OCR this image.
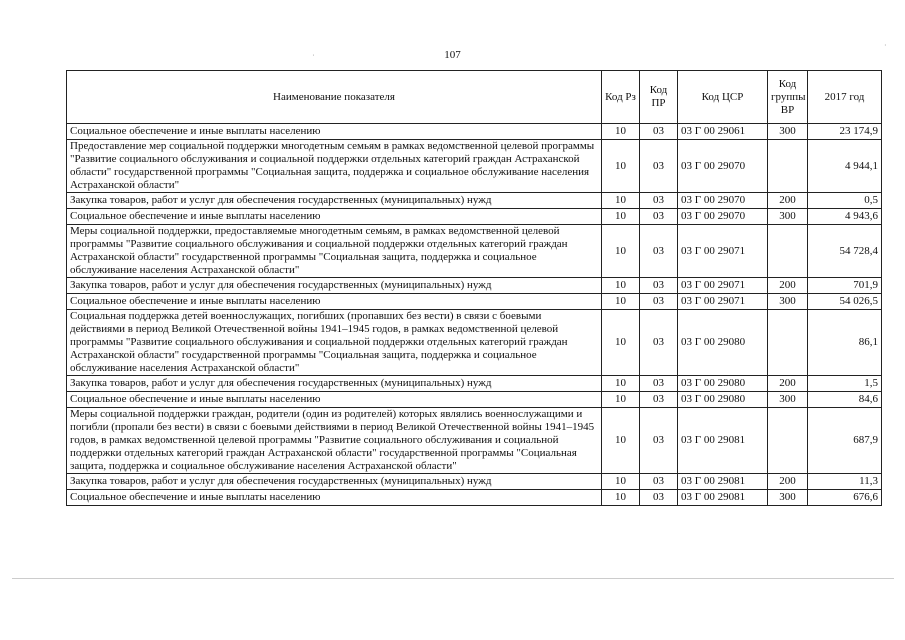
107
˙
·
Наименование показателя	Код Рз	Код ПР	Код ЦСР	Код группы ВР	2017 год
Социальное обеспечение и иные выплаты населению	10	03	03 Г 00 29061	300	23 174,9
Предоставление мер социальной поддержки многодетным семьям в рамках ведомственной целевой программы "Развитие социального обслуживания и социальной поддержки отдельных категорий граждан Астраханской области" государственной программы "Социальная защита, поддержка и социальное обслуживание населения Астраханской области"	10	03	03 Г 00 29070		4 944,1
Закупка товаров, работ и услуг для обеспечения государственных (муниципальных) нужд	10	03	03 Г 00 29070	200	0,5
Социальное обеспечение и иные выплаты населению	10	03	03 Г 00 29070	300	4 943,6
Меры социальной поддержки, предоставляемые многодетным семьям, в рамках ведомственной целевой программы "Развитие социального обслуживания и социальной поддержки отдельных категорий граждан Астраханской области" государственной программы "Социальная защита, поддержка и социальное обслуживание населения Астраханской области"	10	03	03 Г 00 29071		54 728,4
Закупка товаров, работ и услуг для обеспечения государственных (муниципальных) нужд	10	03	03 Г 00 29071	200	701,9
Социальное обеспечение и иные выплаты населению	10	03	03 Г 00 29071	300	54 026,5
Социальная поддержка детей военнослужащих, погибших (пропавших без вести) в связи с боевыми действиями в период Великой Отечественной войны 1941–1945 годов, в рамках ведомственной целевой программы "Развитие социального обслуживания и социальной поддержки отдельных категорий граждан Астраханской области" государственной программы "Социальная защита, поддержка и социальное обслуживание населения Астраханской области"	10	03	03 Г 00 29080		86,1
Закупка товаров, работ и услуг для обеспечения государственных (муниципальных) нужд	10	03	03 Г 00 29080	200	1,5
Социальное обеспечение и иные выплаты населению	10	03	03 Г 00 29080	300	84,6
Меры социальной поддержки граждан, родители (один из родителей) которых являлись военнослужащими и погибли (пропали без вести) в связи с боевыми действиями в период Великой Отечественной войны 1941–1945 годов, в рамках ведомственной целевой программы "Развитие социального обслуживания и социальной поддержки отдельных категорий граждан Астраханской области" государственной программы "Социальная защита, поддержка и социальное обслуживание населения Астраханской области"	10	03	03 Г 00 29081		687,9
Закупка товаров, работ и услуг для обеспечения государственных (муниципальных) нужд	10	03	03 Г 00 29081	200	11,3
Социальное обеспечение и иные выплаты населению	10	03	03 Г 00 29081	300	676,6
